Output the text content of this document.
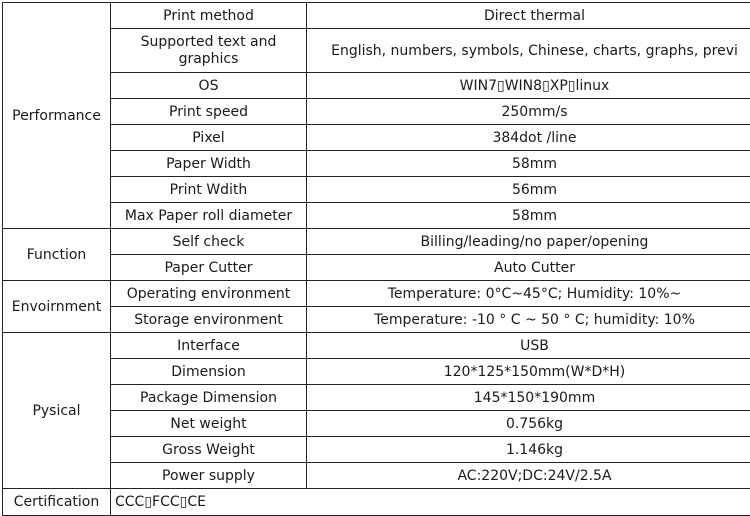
Performance	Print method	Direct thermal
	Supported text and graphics	English, numbers, symbols, Chinese, charts, graphs, previ
	OS	WIN7▯WIN8▯XP▯linux
	Print speed	250mm/s
	Pixel	384dot /line
	Paper Width	58mm
	Print Wdith	56mm
	Max Paper roll diameter	58mm
Function	Self check	Billing/leading/no paper/opening
	Paper Cutter	Auto Cutter
Envoirnment	Operating environment	Temperature: 0°C~45°C; Humidity: 10%~
	Storage environment	Temperature: -10 ° C ~ 50 ° C; humidity: 10%
Pysical	Interface	USB
	Dimension	120*125*150mm(W*D*H)
	Package Dimension	145*150*190mm
	Net weight	0.756kg
	Gross Weight	1.146kg
	Power supply	AC:220V;DC:24V/2.5A
Certification	CCC▯FCC▯CE	
